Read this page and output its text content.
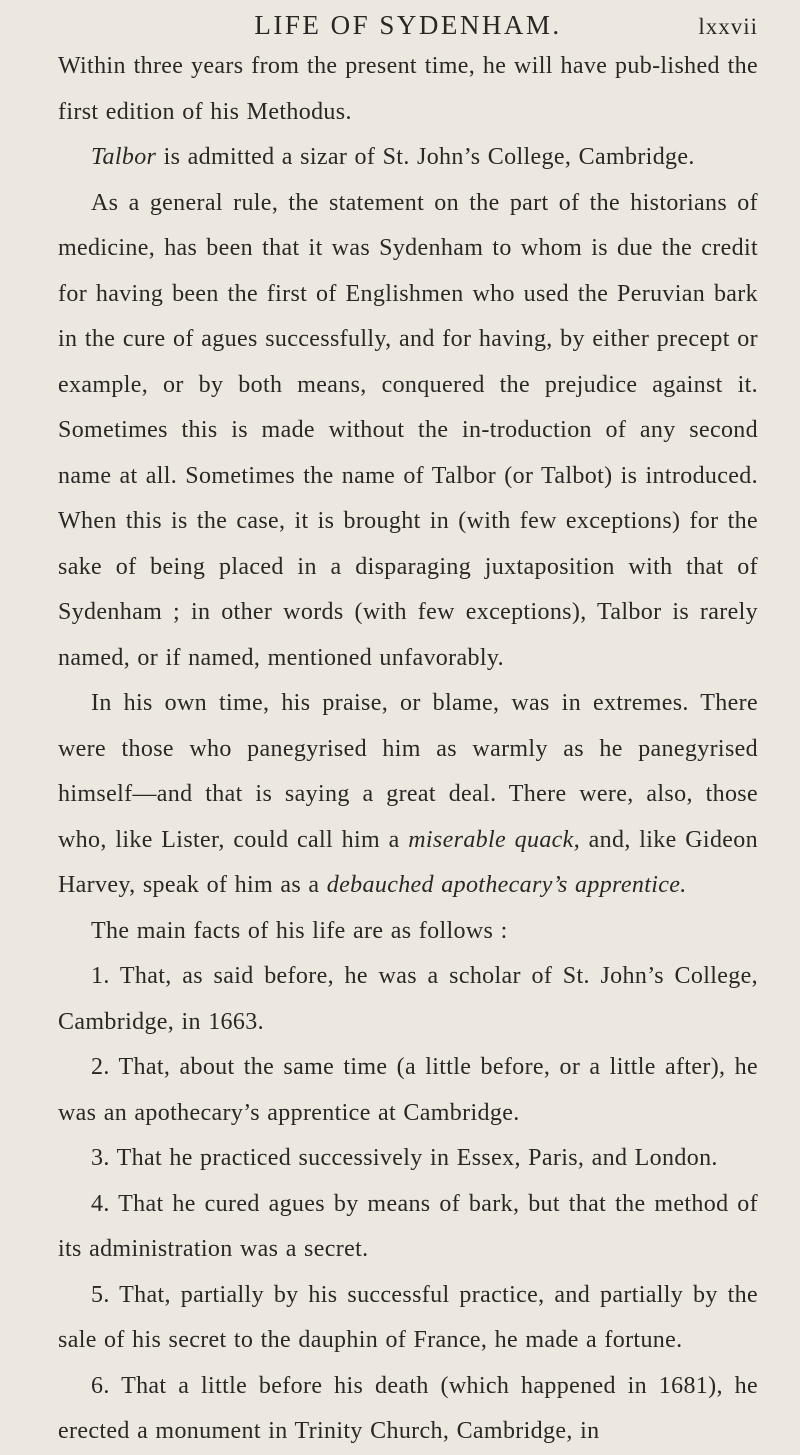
LIFE OF SYDENHAM.	lxxvii

Within three years from the present time, he will have pub-lished the first edition of his Methodus.

Talbor is admitted a sizar of St. John’s College, Cambridge.

As a general rule, the statement on the part of the historians of medicine, has been that it was Sydenham to whom is due the credit for having been the first of Englishmen who used the Peruvian bark in the cure of agues successfully, and for having, by either precept or example, or by both means, conquered the prejudice against it. Sometimes this is made without the in-troduction of any second name at all. Sometimes the name of Talbor (or Talbot) is introduced. When this is the case, it is brought in (with few exceptions) for the sake of being placed in a disparaging juxtaposition with that of Sydenham ; in other words (with few exceptions), Talbor is rarely named, or if named, mentioned unfavorably.

In his own time, his praise, or blame, was in extremes. There were those who panegyrised him as warmly as he panegyrised himself—and that is saying a great deal. There were, also, those who, like Lister, could call him a miserable quack, and, like Gideon Harvey, speak of him as a debauched apothecary’s apprentice.

The main facts of his life are as follows :

1. That, as said before, he was a scholar of St. John’s College, Cambridge, in 1663.

2. That, about the same time (a little before, or a little after), he was an apothecary’s apprentice at Cambridge.

3. That he practiced successively in Essex, Paris, and London.

4. That he cured agues by means of bark, but that the method of its administration was a secret.

5. That, partially by his successful practice, and partially by the sale of his secret to the dauphin of France, he made a fortune.

6. That a little before his death (which happened in 1681), he erected a monument in Trinity Church, Cambridge, in
